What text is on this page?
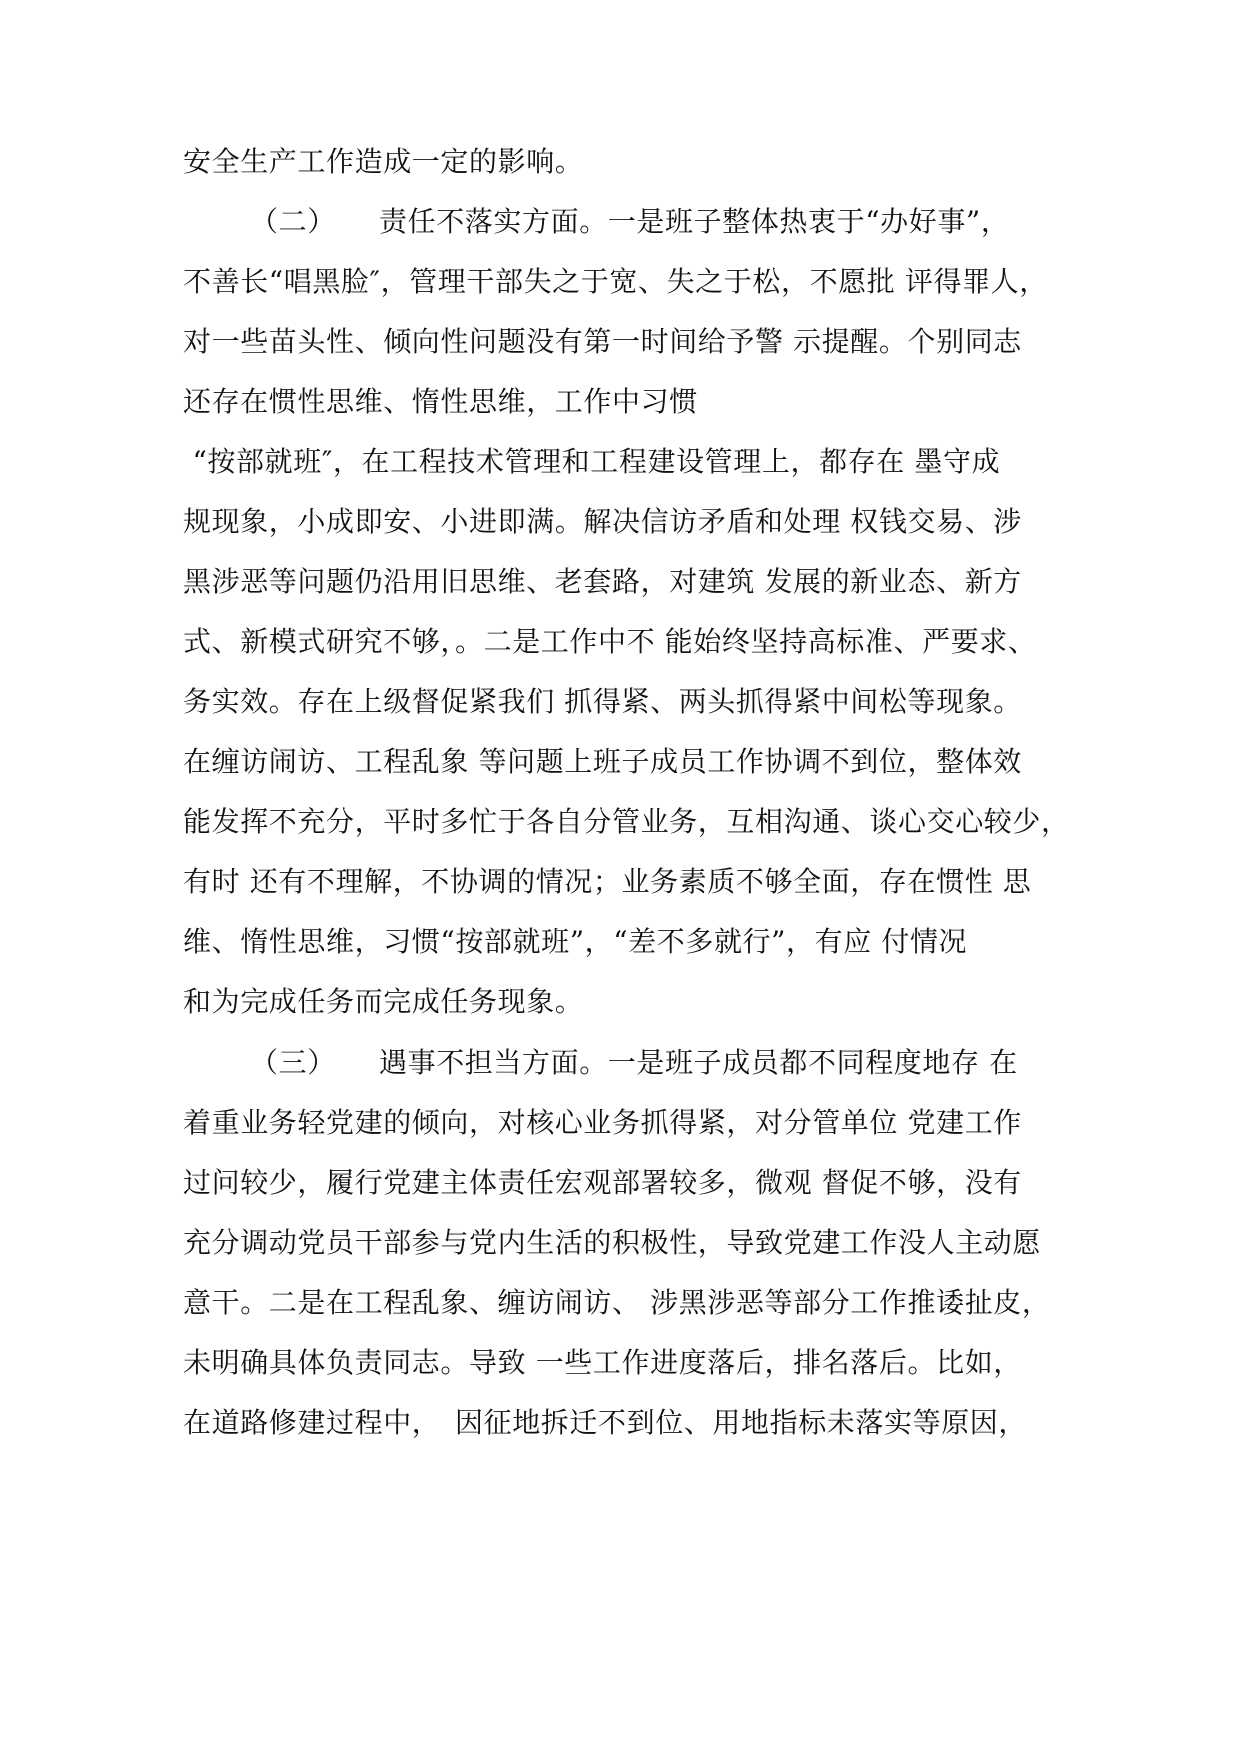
安全生产工作造成一定的影响。
（二）　　责任不落实方面。一是班子整体热衷于“办好事”，
不善长“唱黑脸″，管理干部失之于宽、失之于松，不愿批 评得罪人，
对一些苗头性、倾向性问题没有第一时间给予警 示提醒。个别同志
还存在惯性思维、惰性思维，工作中习惯
“按部就班″，在工程技术管理和工程建设管理上，都存在 墨守成
规现象，小成即安、小进即满。解决信访矛盾和处理 权钱交易、涉
黑涉恶等问题仍沿用旧思维、老套路，对建筑 发展的新业态、新方
式、新模式研究不够，。二是工作中不 能始终坚持高标准、严要求、
务实效。存在上级督促紧我们 抓得紧、两头抓得紧中间松等现象。
在缠访闹访、工程乱象 等问题上班子成员工作协调不到位，整体效
能发挥不充分，平时多忙于各自分管业务，互相沟通、谈心交心较少，
有时 还有不理解，不协调的情况；业务素质不够全面，存在惯性 思
维、惰性思维，习惯“按部就班”，“差不多就行”，有应 付情况
和为完成任务而完成任务现象。
（三）　　遇事不担当方面。一是班子成员都不同程度地存 在
着重业务轻党建的倾向，对核心业务抓得紧，对分管单位 党建工作
过问较少，履行党建主体责任宏观部署较多，微观 督促不够，没有
充分调动党员干部参与党内生活的积极性，导致党建工作没人主动愿
意干。二是在工程乱象、缠访闹访、 涉黑涉恶等部分工作推诿扯皮，
未明确具体负责同志。导致 一些工作进度落后，排名落后。比如，
在道路修建过程中，　因征地拆迁不到位、用地指标未落实等原因，
